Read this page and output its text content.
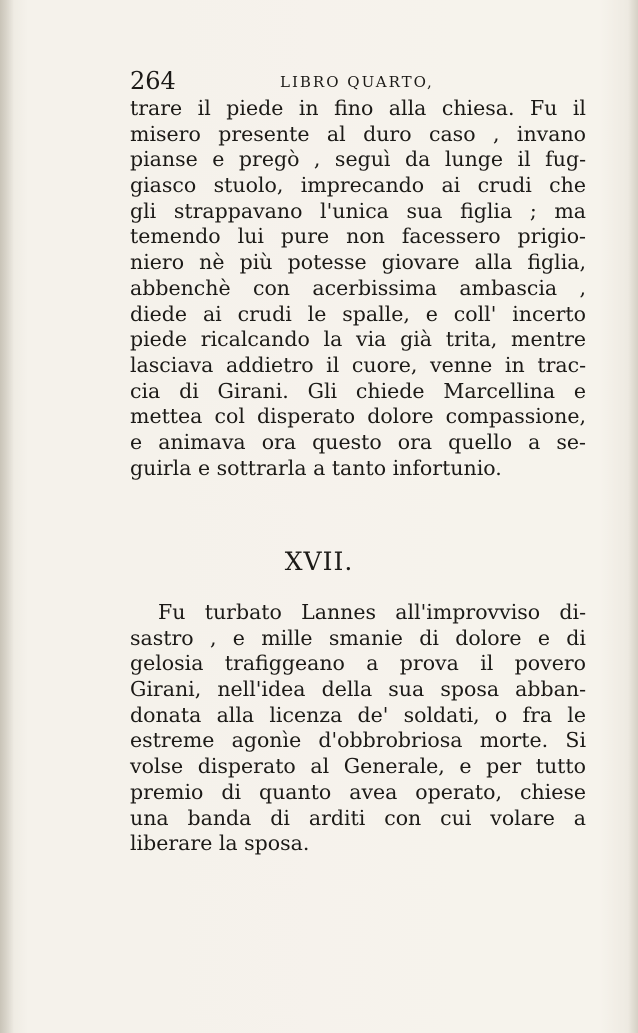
264	LIBRO QUARTO,
trare il piede in fino alla chiesa. Fu il
misero presente al duro caso , invano
pianse e pregò , seguì da lunge il fug-
giasco stuolo, imprecando ai crudi che
gli strappavano l'unica sua figlia ; ma
temendo lui pure non facessero prigio-
niero nè più potesse giovare alla figlia,
abbenchè con acerbissima ambascia ,
diede ai crudi le spalle, e coll' incerto
piede ricalcando la via già trita, mentre
lasciava addietro il cuore, venne in trac-
cia di Girani. Gli chiede Marcellina e
mettea col disperato dolore compassione,
e animava ora questo ora quello a se-
guirla e sottrarla a tanto infortunio.
XVII.
Fu turbato Lannes all'improvviso di-
sastro , e mille smanie di dolore e di
gelosia trafiggeano a prova il povero
Girani, nell'idea della sua sposa abban-
donata alla licenza de' soldati, o fra le
estreme agonìe d'obbrobriosa morte. Si
volse disperato al Generale, e per tutto
premio di quanto avea operato, chiese
una banda di arditi con cui volare a
liberare la sposa.
